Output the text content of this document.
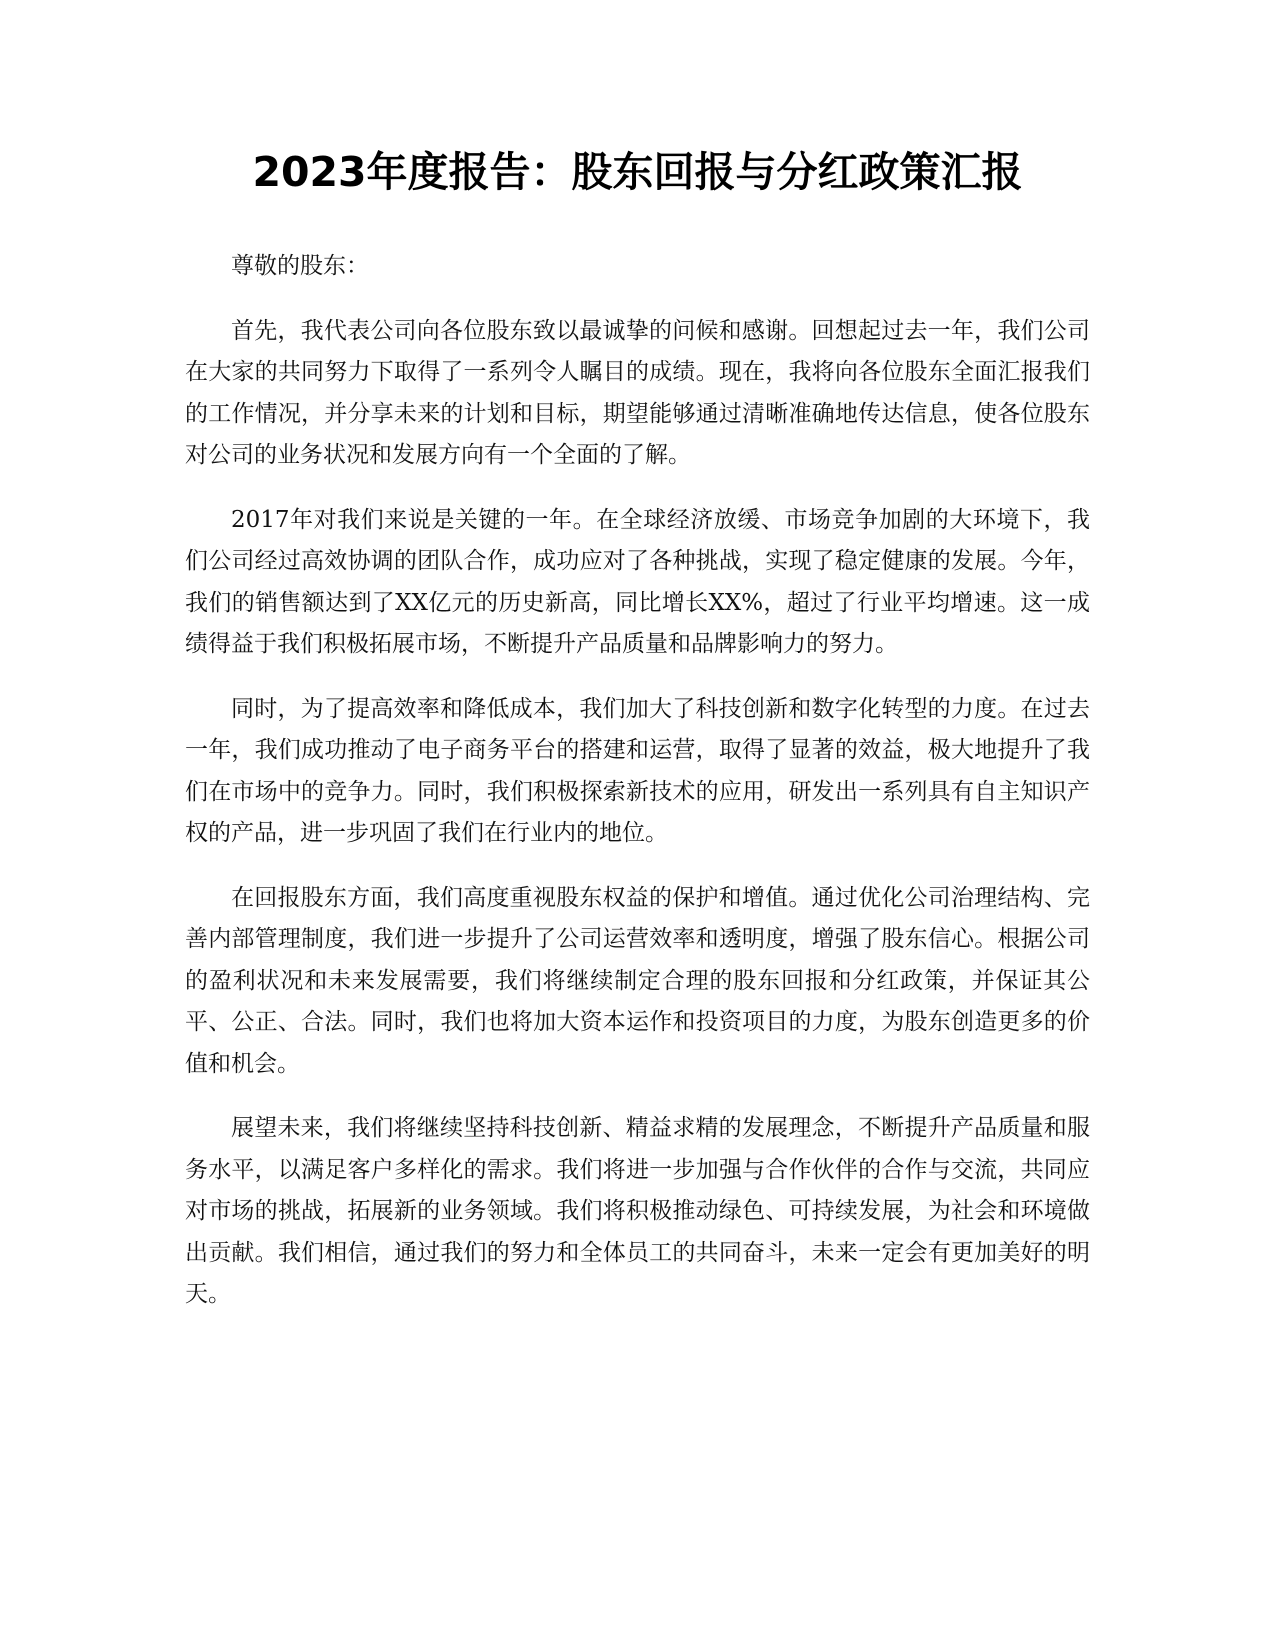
2023年度报告：股东回报与分红政策汇报

尊敬的股东：

首先，我代表公司向各位股东致以最诚挚的问候和感谢。回想起过去一年，我们公司在大家的共同努力下取得了一系列令人瞩目的成绩。现在，我将向各位股东全面汇报我们的工作情况，并分享未来的计划和目标，期望能够通过清晰准确地传达信息，使各位股东对公司的业务状况和发展方向有一个全面的了解。

2017年对我们来说是关键的一年。在全球经济放缓、市场竞争加剧的大环境下，我们公司经过高效协调的团队合作，成功应对了各种挑战，实现了稳定健康的发展。今年，我们的销售额达到了XX亿元的历史新高，同比增长XX%，超过了行业平均增速。这一成绩得益于我们积极拓展市场，不断提升产品质量和品牌影响力的努力。

同时，为了提高效率和降低成本，我们加大了科技创新和数字化转型的力度。在过去一年，我们成功推动了电子商务平台的搭建和运营，取得了显著的效益，极大地提升了我们在市场中的竞争力。同时，我们积极探索新技术的应用，研发出一系列具有自主知识产权的产品，进一步巩固了我们在行业内的地位。

在回报股东方面，我们高度重视股东权益的保护和增值。通过优化公司治理结构、完善内部管理制度，我们进一步提升了公司运营效率和透明度，增强了股东信心。根据公司的盈利状况和未来发展需要，我们将继续制定合理的股东回报和分红政策，并保证其公平、公正、合法。同时，我们也将加大资本运作和投资项目的力度，为股东创造更多的价值和机会。

展望未来，我们将继续坚持科技创新、精益求精的发展理念，不断提升产品质量和服务水平，以满足客户多样化的需求。我们将进一步加强与合作伙伴的合作与交流，共同应对市场的挑战，拓展新的业务领域。我们将积极推动绿色、可持续发展，为社会和环境做出贡献。我们相信，通过我们的努力和全体员工的共同奋斗，未来一定会有更加美好的明天。
